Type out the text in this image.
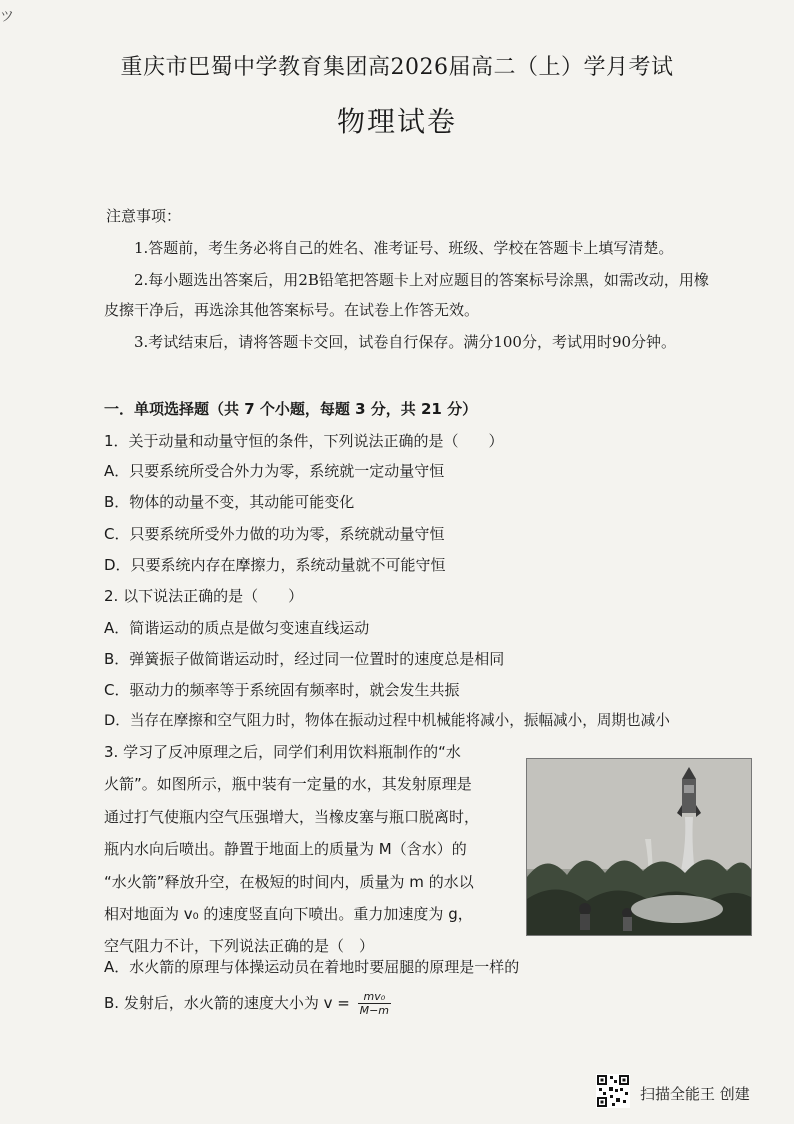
ツ
重庆市巴蜀中学教育集团高2026届高二（上）学月考试
物理试卷
注意事项：
1.答题前，考生务必将自己的姓名、准考证号、班级、学校在答题卡上填写清楚。
2.每小题选出答案后，用2B铅笔把答题卡上对应题目的答案标号涂黑，如需改动，用橡
皮擦干净后，再选涂其他答案标号。在试卷上作答无效。
3.考试结束后，请将答题卡交回，试卷自行保存。满分100分，考试用时90分钟。
一．单项选择题（共 7 个小题，每题 3 分，共 21 分）
1．关于动量和动量守恒的条件，下列说法正确的是（　　）
A．只要系统所受合外力为零，系统就一定动量守恒
B．物体的动量不变，其动能可能变化
C．只要系统所受外力做的功为零，系统就动量守恒
D．只要系统内存在摩擦力，系统动量就不可能守恒
2. 以下说法正确的是（　　）
A．简谐运动的质点是做匀变速直线运动
B．弹簧振子做简谐运动时，经过同一位置时的速度总是相同
C．驱动力的频率等于系统固有频率时，就会发生共振
D．当存在摩擦和空气阻力时，物体在振动过程中机械能将减小，振幅减小，周期也减小
3. 学习了反冲原理之后，同学们利用饮料瓶制作的“水
火箭”。如图所示，瓶中装有一定量的水，其发射原理是
通过打气使瓶内空气压强增大，当橡皮塞与瓶口脱离时，
瓶内水向后喷出。静置于地面上的质量为 M（含水）的
“水火箭”释放升空，在极短的时间内，质量为 m 的水以
相对地面为 v₀ 的速度竖直向下喷出。重力加速度为 g，
空气阻力不计，下列说法正确的是（　）
A．水火箭的原理与体操运动员在着地时要屈腿的原理是一样的
B. 发射后，水火箭的速度大小为 $v = \frac{\text{mv₀}}{M-m}$
扫描全能王 创建
